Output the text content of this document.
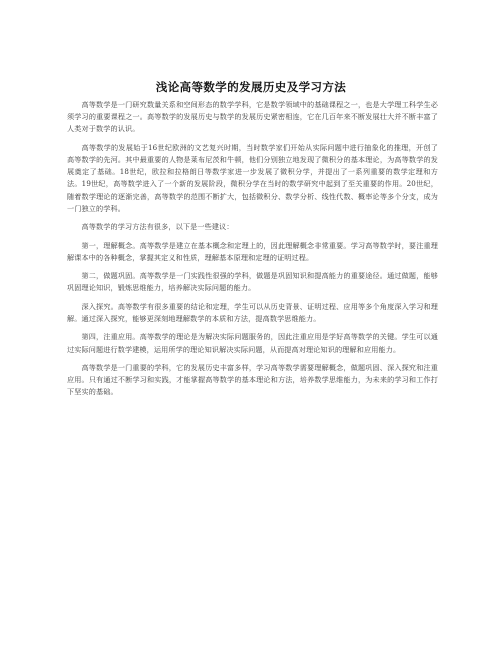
浅论高等数学的发展历史及学习方法

高等数学是一门研究数量关系和空间形态的数学学科，它是数学领域中的基础课程之一，也是大学理工科学生必须学习的重要课程之一。高等数学的发展历史与数学的发展历史紧密相连，它在几百年来不断发展壮大并不断丰富了人类对于数学的认识。

高等数学的发展始于16世纪欧洲的文艺复兴时期，当时数学家们开始从实际问题中进行抽象化的推理，开创了高等数学的先河。其中最重要的人物是莱布尼茨和牛顿，他们分别独立地发现了微积分的基本理论，为高等数学的发展奠定了基础。18世纪，欧拉和拉格朗日等数学家进一步发展了微积分学，并提出了一系列重要的数学定理和方法。19世纪，高等数学进入了一个新的发展阶段，微积分学在当时的数学研究中起到了至关重要的作用。20世纪，随着数学理论的逐渐完善，高等数学的范围不断扩大，包括微积分、数学分析、线性代数、概率论等多个分支，成为一门独立的学科。

高等数学的学习方法有很多，以下是一些建议：

第一，理解概念。高等数学是建立在基本概念和定理上的，因此理解概念非常重要。学习高等数学时，要注重理解课本中的各种概念，掌握其定义和性质，理解基本原理和定理的证明过程。

第二，做题巩固。高等数学是一门实践性很强的学科，做题是巩固知识和提高能力的重要途径。通过做题，能够巩固理论知识，锻炼思维能力，培养解决实际问题的能力。

深入探究。高等数学有很多重要的结论和定理，学生可以从历史背景、证明过程、应用等多个角度深入学习和理解。通过深入探究，能够更深刻地理解数学的本质和方法，提高数学思维能力。

第四，注重应用。高等数学的理论是为解决实际问题服务的，因此注重应用是学好高等数学的关键。学生可以通过实际问题进行数学建模，运用所学的理论知识解决实际问题，从而提高对理论知识的理解和应用能力。

高等数学是一门重要的学科，它的发展历史丰富多样，学习高等数学需要理解概念，做题巩固、深入探究和注重应用。只有通过不断学习和实践，才能掌握高等数学的基本理论和方法，培养数学思维能力，为未来的学习和工作打下坚实的基础。
